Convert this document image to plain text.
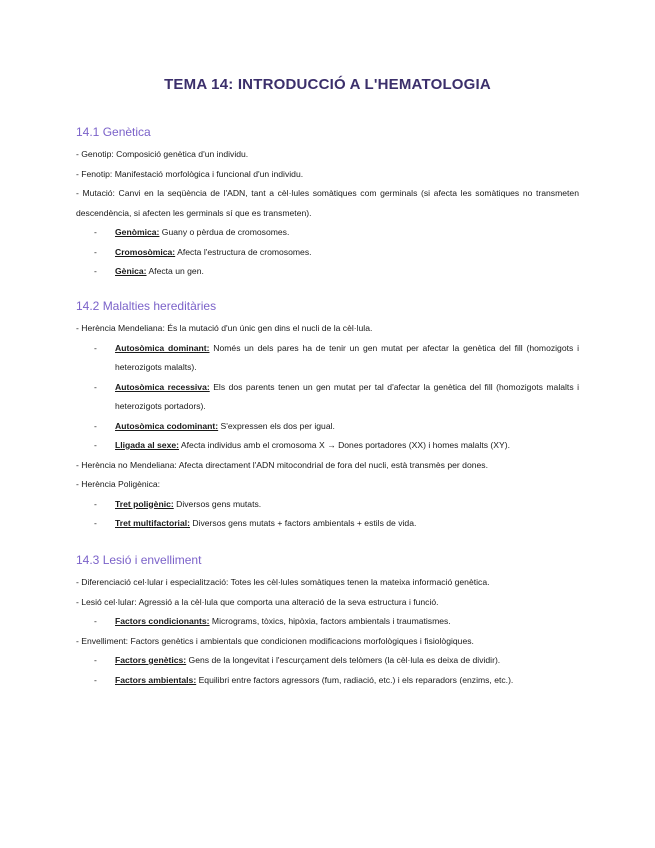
TEMA 14: INTRODUCCIÓ A L'HEMATOLOGIA
14.1 Genètica
- Genotip: Composició genètica d'un individu.
- Fenotip: Manifestació morfològica i funcional d'un individu.
- Mutació: Canvi en la seqüència de l'ADN, tant a cèl·lules somàtiques com germinals (si afecta les somàtiques no transmeten descendència, si afecten les germinals sí que es transmeten).
- Genòmica: Guany o pèrdua de cromosomes.
- Cromosòmica: Afecta l'estructura de cromosomes.
- Gènica: Afecta un gen.
14.2 Malalties hereditàries
- Herència Mendeliana: És la mutació d'un únic gen dins el nucli de la cèl·lula.
- Autosòmica dominant: Només un dels pares ha de tenir un gen mutat per afectar la genètica del fill (homozigots i heterozigots malalts).
- Autosòmica recessiva: Els dos parents tenen un gen mutat per tal d'afectar la genètica del fill (homozigots malalts i heterozigots portadors).
- Autosòmica codominant: S'expressen els dos per igual.
- Lligada al sexe: Afecta individus amb el cromosoma X → Dones portadores (XX) i homes malalts (XY).
- Herència no Mendeliana: Afecta directament l'ADN mitocondrial de fora del nucli, està transmès per dones.
- Herència Poligènica:
- Tret poligènic: Diversos gens mutats.
- Tret multifactorial: Diversos gens mutats + factors ambientals + estils de vida.
14.3 Lesió i envelliment
- Diferenciació cel·lular i especialització: Totes les cèl·lules somàtiques tenen la mateixa informació genètica.
- Lesió cel·lular: Agressió a la cèl·lula que comporta una alteració de la seva estructura i funció.
- Factors condicionants: Micrograms, tòxics, hipòxia, factors ambientals i traumatismes.
- Envelliment: Factors genètics i ambientals que condicionen modificacions morfològiques i fisiològiques.
- Factors genètics: Gens de la longevitat i l'escurçament dels telòmers (la cèl·lula es deixa de dividir).
- Factors ambientals: Equilibri entre factors agressors (fum, radiació, etc.) i els reparadors (enzims, etc.).
